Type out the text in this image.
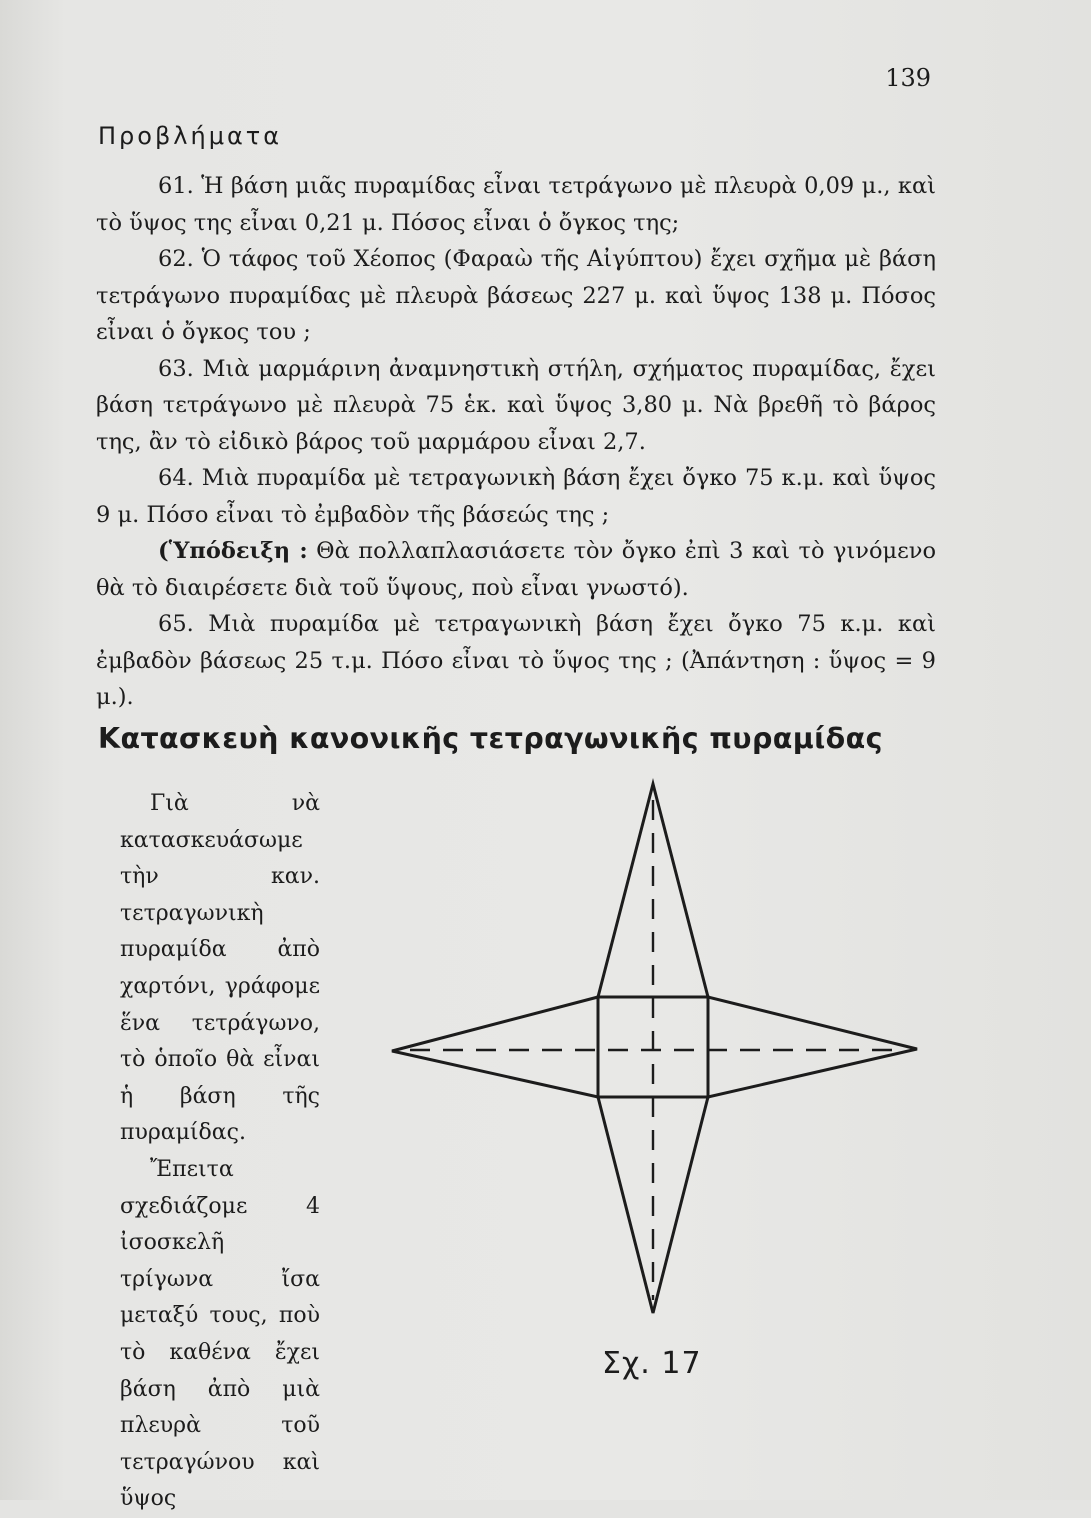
139
Προβλήματα

61. Ἡ βάση μιᾶς πυραμίδας εἶναι τετράγωνο μὲ πλευρὰ 0,09 μ., καὶ τὸ ὕψος της εἶναι 0,21 μ. Πόσος εἶναι ὁ ὄγκος της;

62. Ὁ τάφος τοῦ Χέοπος (Φαραὼ τῆς Αἰγύπτου) ἔχει σχῆμα μὲ βάση τετράγωνο πυραμίδας μὲ πλευρὰ βάσεως 227 μ. καὶ ὕψος 138 μ. Πόσος εἶναι ὁ ὄγκος του ;

63. Μιὰ μαρμάρινη ἀναμνηστικὴ στήλη, σχήματος πυραμίδας, ἔχει βάση τετράγωνο μὲ πλευρὰ 75 ἑκ. καὶ ὕψος 3,80 μ. Νὰ βρεθῆ τὸ βάρος της, ἂν τὸ εἰδικὸ βάρος τοῦ μαρμάρου εἶναι 2,7.

64. Μιὰ πυραμίδα μὲ τετραγωνικὴ βάση ἔχει ὄγκο 75 κ.μ. καὶ ὕψος 9 μ. Πόσο εἶναι τὸ ἐμβαδὸν τῆς βάσεώς της ;

(Ὑπόδειξη : Θὰ πολλαπλασιάσετε τὸν ὄγκο ἐπὶ 3 καὶ τὸ γινόμενο θὰ τὸ διαιρέσετε διὰ τοῦ ὕψους, ποὺ εἶναι γνωστό).

65. Μιὰ πυραμίδα μὲ τετραγωνικὴ βάση ἔχει ὄγκο 75 κ.μ. καὶ ἐμβαδὸν βάσεως 25 τ.μ. Πόσο εἶναι τὸ ὕψος της ; (Ἀπάντηση : ὕψος = 9 μ.).

Κατασκευὴ κανονικῆς τετραγωνικῆς πυραμίδας

Γιὰ νὰ κατασκευάσωμε τὴν καν. τετραγωνικὴ πυραμίδα ἀπὸ χαρτόνι, γράφομε ἕνα τετράγωνο, τὸ ὁποῖο θὰ εἶναι ἡ βάση τῆς πυραμίδας.

Ἔπειτα σχεδιάζομε 4 ἰσοσκελῆ τρίγωνα ἴσα μεταξύ τους, ποὺ τὸ καθένα ἔχει βάση ἀπὸ μιὰ πλευρὰ τοῦ τετραγώνου καὶ ὕψος

Σχ. 17
